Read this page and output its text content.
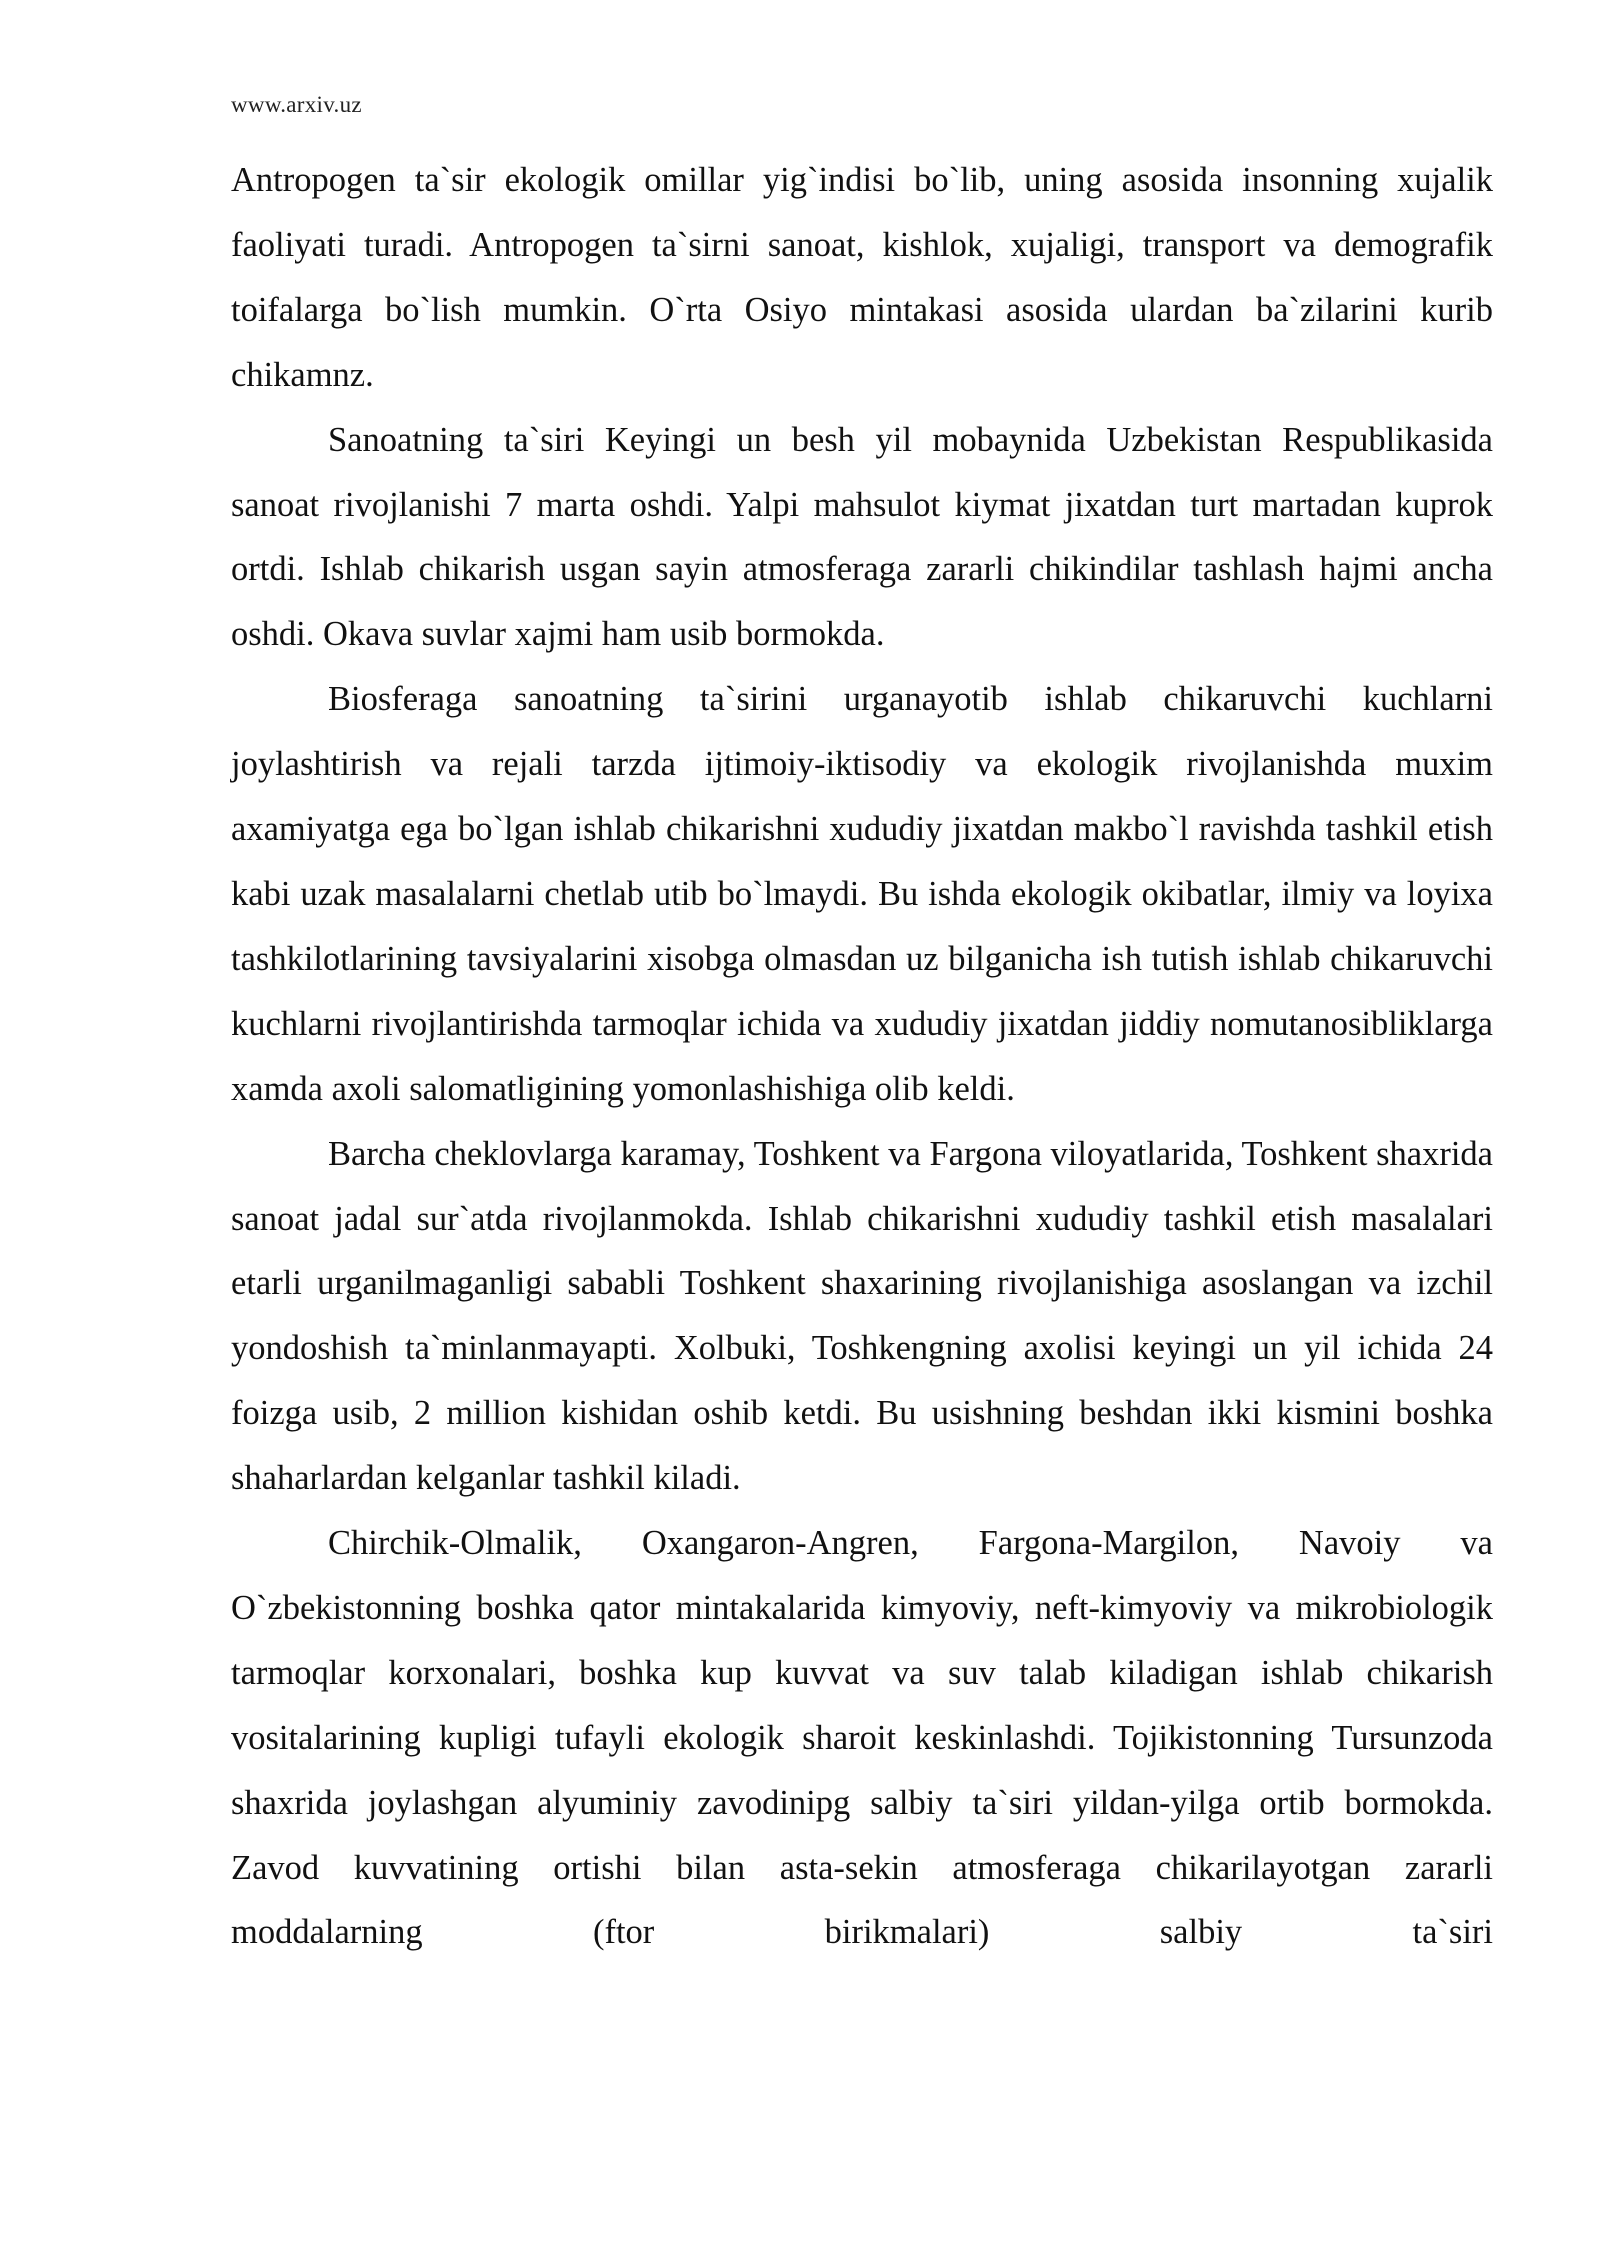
www.arxiv.uz

Antropogen ta`sir ekologik omillar yig`indisi bo`lib, uning asosida insonning xujalik faoliyati turadi. Antropogen ta`sirni sanoat, kishlok, xujaligi, transport va demografik toifalarga bo`lish mumkin. O`rta Osiyo mintakasi asosida ulardan ba`zilarini kurib chikamnz.

Sanoatning ta`siri Keyingi un besh yil mobaynida Uzbekistan Respublikasida sanoat rivojlanishi 7 marta oshdi. Yalpi mahsulot kiymat jixatdan turt martadan kuprok ortdi. Ishlab chikarish usgan sayin atmosferaga zararli chikindilar tashlash hajmi ancha oshdi. Okava suvlar xajmi ham usib bormokda.

Biosferaga sanoatning ta`sirini urganayotib ishlab chikaruvchi kuchlarni joylashtirish va rejali tarzda ijtimoiy-iktisodiy va ekologik rivojlanishda muxim axamiyatga ega bo`lgan ishlab chikarishni xududiy jixatdan makbo`l ravishda tashkil etish kabi uzak masalalarni chetlab utib bo`lmaydi. Bu ishda ekologik okibatlar, ilmiy va loyixa tashkilotlarining tavsiyalarini xisobga olmasdan uz bilganicha ish tutish ishlab chikaruvchi kuchlarni rivojlantirishda tarmoqlar ichida va xududiy jixatdan jiddiy nomutanosibliklarga xamda axoli salomatligining yomonlashishiga olib keldi.

Barcha cheklovlarga karamay, Toshkent va Fargona viloyatlarida, Toshkent shaxrida sanoat jadal sur`atda rivojlanmokda. Ishlab chikarishni xududiy tashkil etish masalalari etarli urganilmaganligi sababli Toshkent shaxarining rivojlanishiga asoslangan va izchil yondoshish ta`minlanmayapti. Xolbuki, Toshkengning axolisi keyingi un yil ichida 24 foizga usib, 2 million kishidan oshib ketdi. Bu usishning beshdan ikki kismini boshka shaharlardan kelganlar tashkil kiladi.

Chirchik-Olmalik, Oxangaron-Angren, Fargona-Margilon, Navoiy va O`zbekistonning boshka qator mintakalarida kimyoviy, neft-kimyoviy va mikrobiologik tarmoqlar korxonalari, boshka kup kuvvat va suv talab kiladigan ishlab chikarish vositalarining kupligi tufayli ekologik sharoit keskinlashdi. Tojikistonning Tursunzoda shaxrida joylashgan alyuminiy zavodinipg salbiy ta`siri yildan-yilga ortib bormokda. Zavod kuvvatining ortishi bilan asta-sekin atmosferaga chikarilayotgan zararli moddalarning (ftor birikmalari) salbiy ta`siri
